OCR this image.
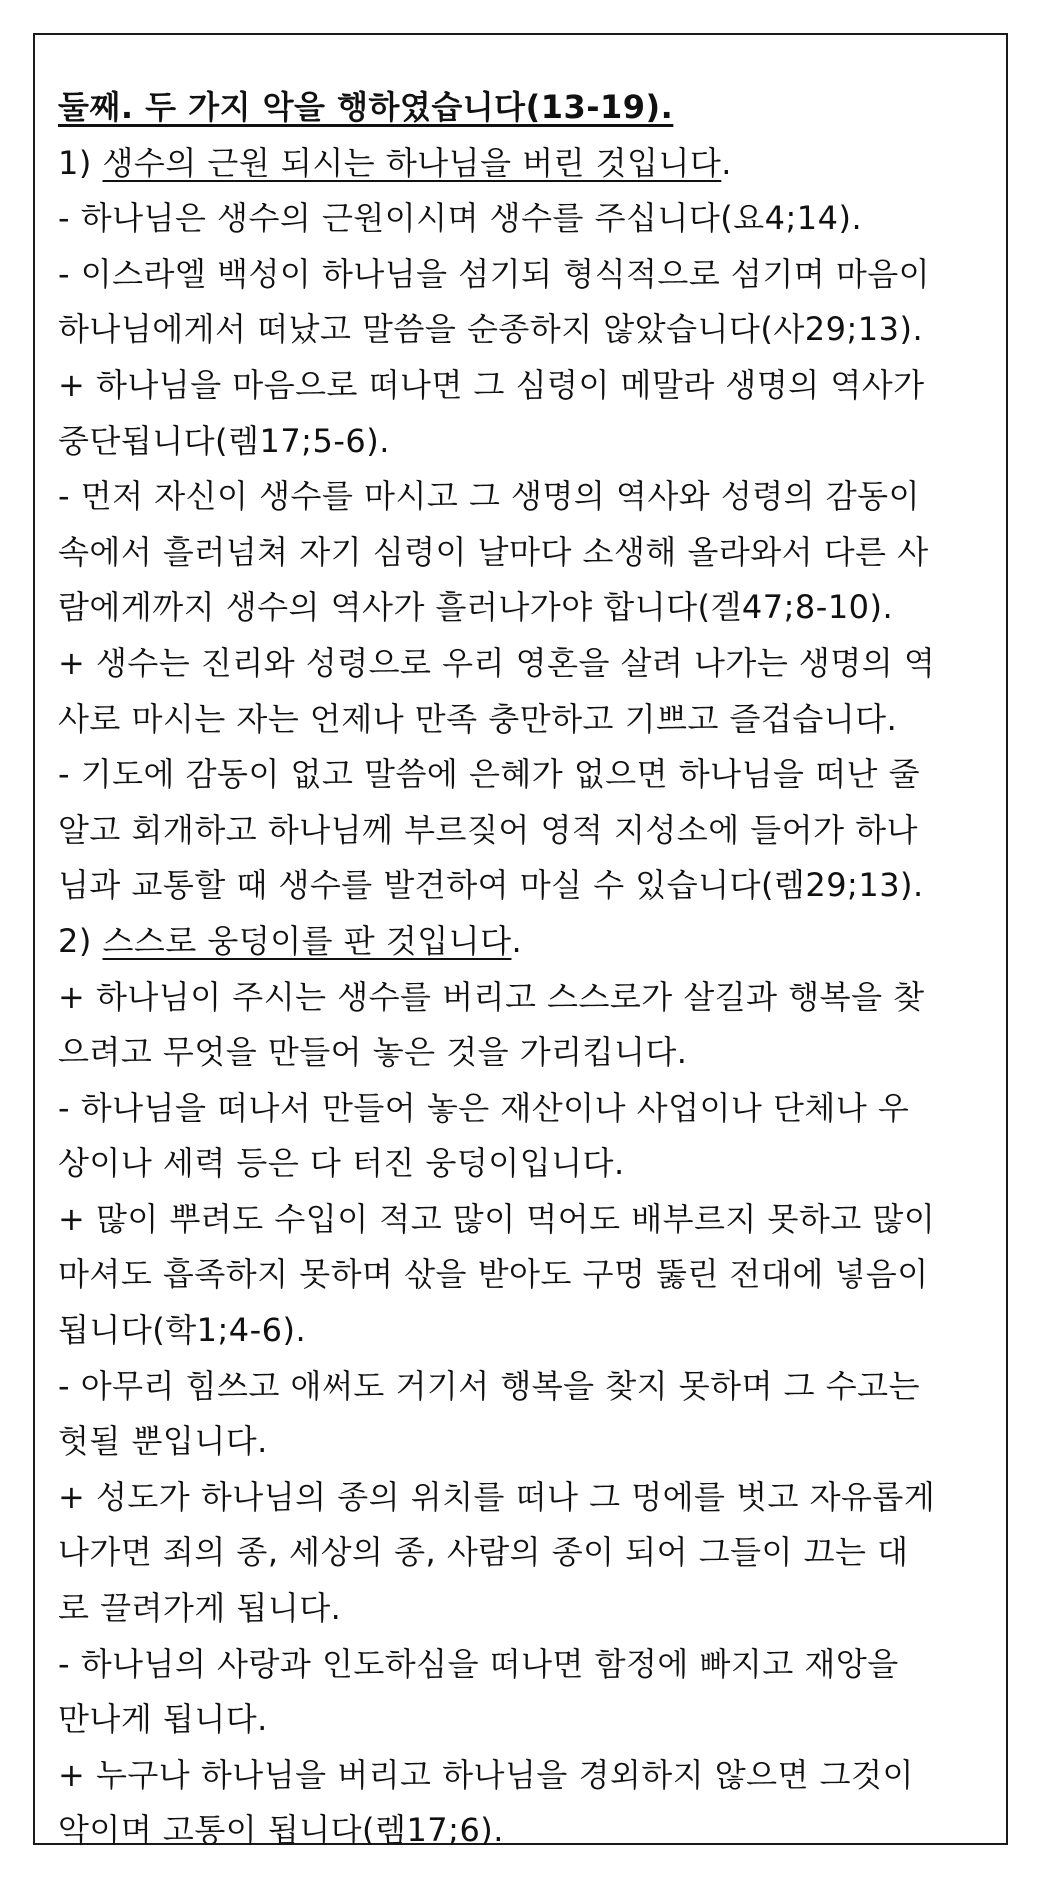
둘째. 두 가지 악을 행하였습니다(13-19).
1) 생수의 근원 되시는 하나님을 버린 것입니다.
- 하나님은 생수의 근원이시며 생수를 주십니다(요4;14).
- 이스라엘 백성이 하나님을 섬기되 형식적으로 섬기며 마음이
하나님에게서 떠났고 말씀을 순종하지 않았습니다(사29;13).
+ 하나님을 마음으로 떠나면 그 심령이 메말라 생명의 역사가
중단됩니다(렘17;5-6).
- 먼저 자신이 생수를 마시고 그 생명의 역사와 성령의 감동이
속에서 흘러넘쳐 자기 심령이 날마다 소생해 올라와서 다른 사
람에게까지 생수의 역사가 흘러나가야 합니다(겔47;8-10).
+ 생수는 진리와 성령으로 우리 영혼을 살려 나가는 생명의 역
사로 마시는 자는 언제나 만족 충만하고 기쁘고 즐겁습니다.
- 기도에 감동이 없고 말씀에 은혜가 없으면 하나님을 떠난 줄
알고 회개하고 하나님께 부르짖어 영적 지성소에 들어가 하나
님과 교통할 때 생수를 발견하여 마실 수 있습니다(렘29;13).
2) 스스로 웅덩이를 판 것입니다.
+ 하나님이 주시는 생수를 버리고 스스로가 살길과 행복을 찾
으려고 무엇을 만들어 놓은 것을 가리킵니다.
- 하나님을 떠나서 만들어 놓은 재산이나 사업이나 단체나 우
상이나 세력 등은 다 터진 웅덩이입니다.
+ 많이 뿌려도 수입이 적고 많이 먹어도 배부르지 못하고 많이
마셔도 흡족하지 못하며 삯을 받아도 구멍 뚫린 전대에 넣음이
됩니다(학1;4-6).
- 아무리 힘쓰고 애써도 거기서 행복을 찾지 못하며 그 수고는
헛될 뿐입니다.
+ 성도가 하나님의 종의 위치를 떠나 그 멍에를 벗고 자유롭게
나가면 죄의 종, 세상의 종, 사람의 종이 되어 그들이 끄는 대
로 끌려가게 됩니다.
- 하나님의 사랑과 인도하심을 떠나면 함정에 빠지고 재앙을
만나게 됩니다.
+ 누구나 하나님을 버리고 하나님을 경외하지 않으면 그것이
악이며 고통이 됩니다(렘17;6).
